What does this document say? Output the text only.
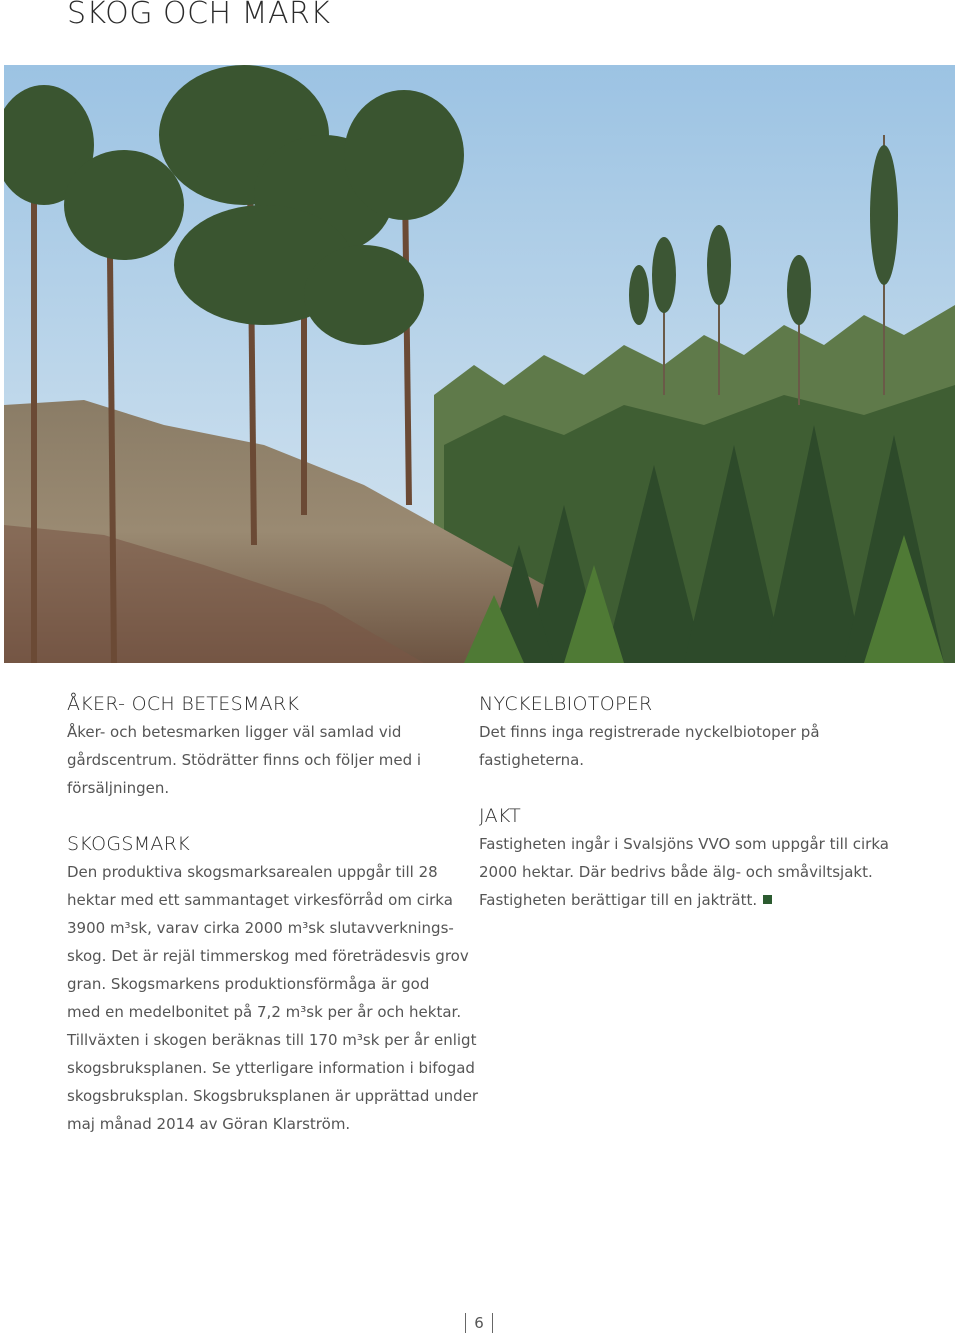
SKOG OCH MARK
ÅKER- OCH BETESMARK

Åker- och betesmarken ligger väl samlad vid
gårdscentrum. Stödrätter finns och följer med i
försäljningen.

SKOGSMARK

Den produktiva skogsmarksarealen uppgår till 28
hektar med ett sammantaget virkesförråd om cirka
3900 m³sk, varav cirka 2000 m³sk slutavverknings-
skog. Det är rejäl timmerskog med företrädesvis grov
gran. Skogsmarkens produktionsförmåga är god
med en medelbonitet på 7,2 m³sk per år och hektar.
Tillväxten i skogen beräknas till 170 m³sk per år enligt
skogsbruksplanen. Se ytterligare information i bifogad
skogsbruksplan. Skogsbruksplanen är upprättad under
maj månad 2014 av Göran Klarström.

NYCKELBIOTOPER

Det finns inga registrerade nyckelbiotoper på
fastigheterna.

JAKT

Fastigheten ingår i Svalsjöns VVO som uppgår till cirka
2000 hektar. Där bedrivs både älg- och småviltsjakt.
Fastigheten berättigar till en jakträtt.

6
